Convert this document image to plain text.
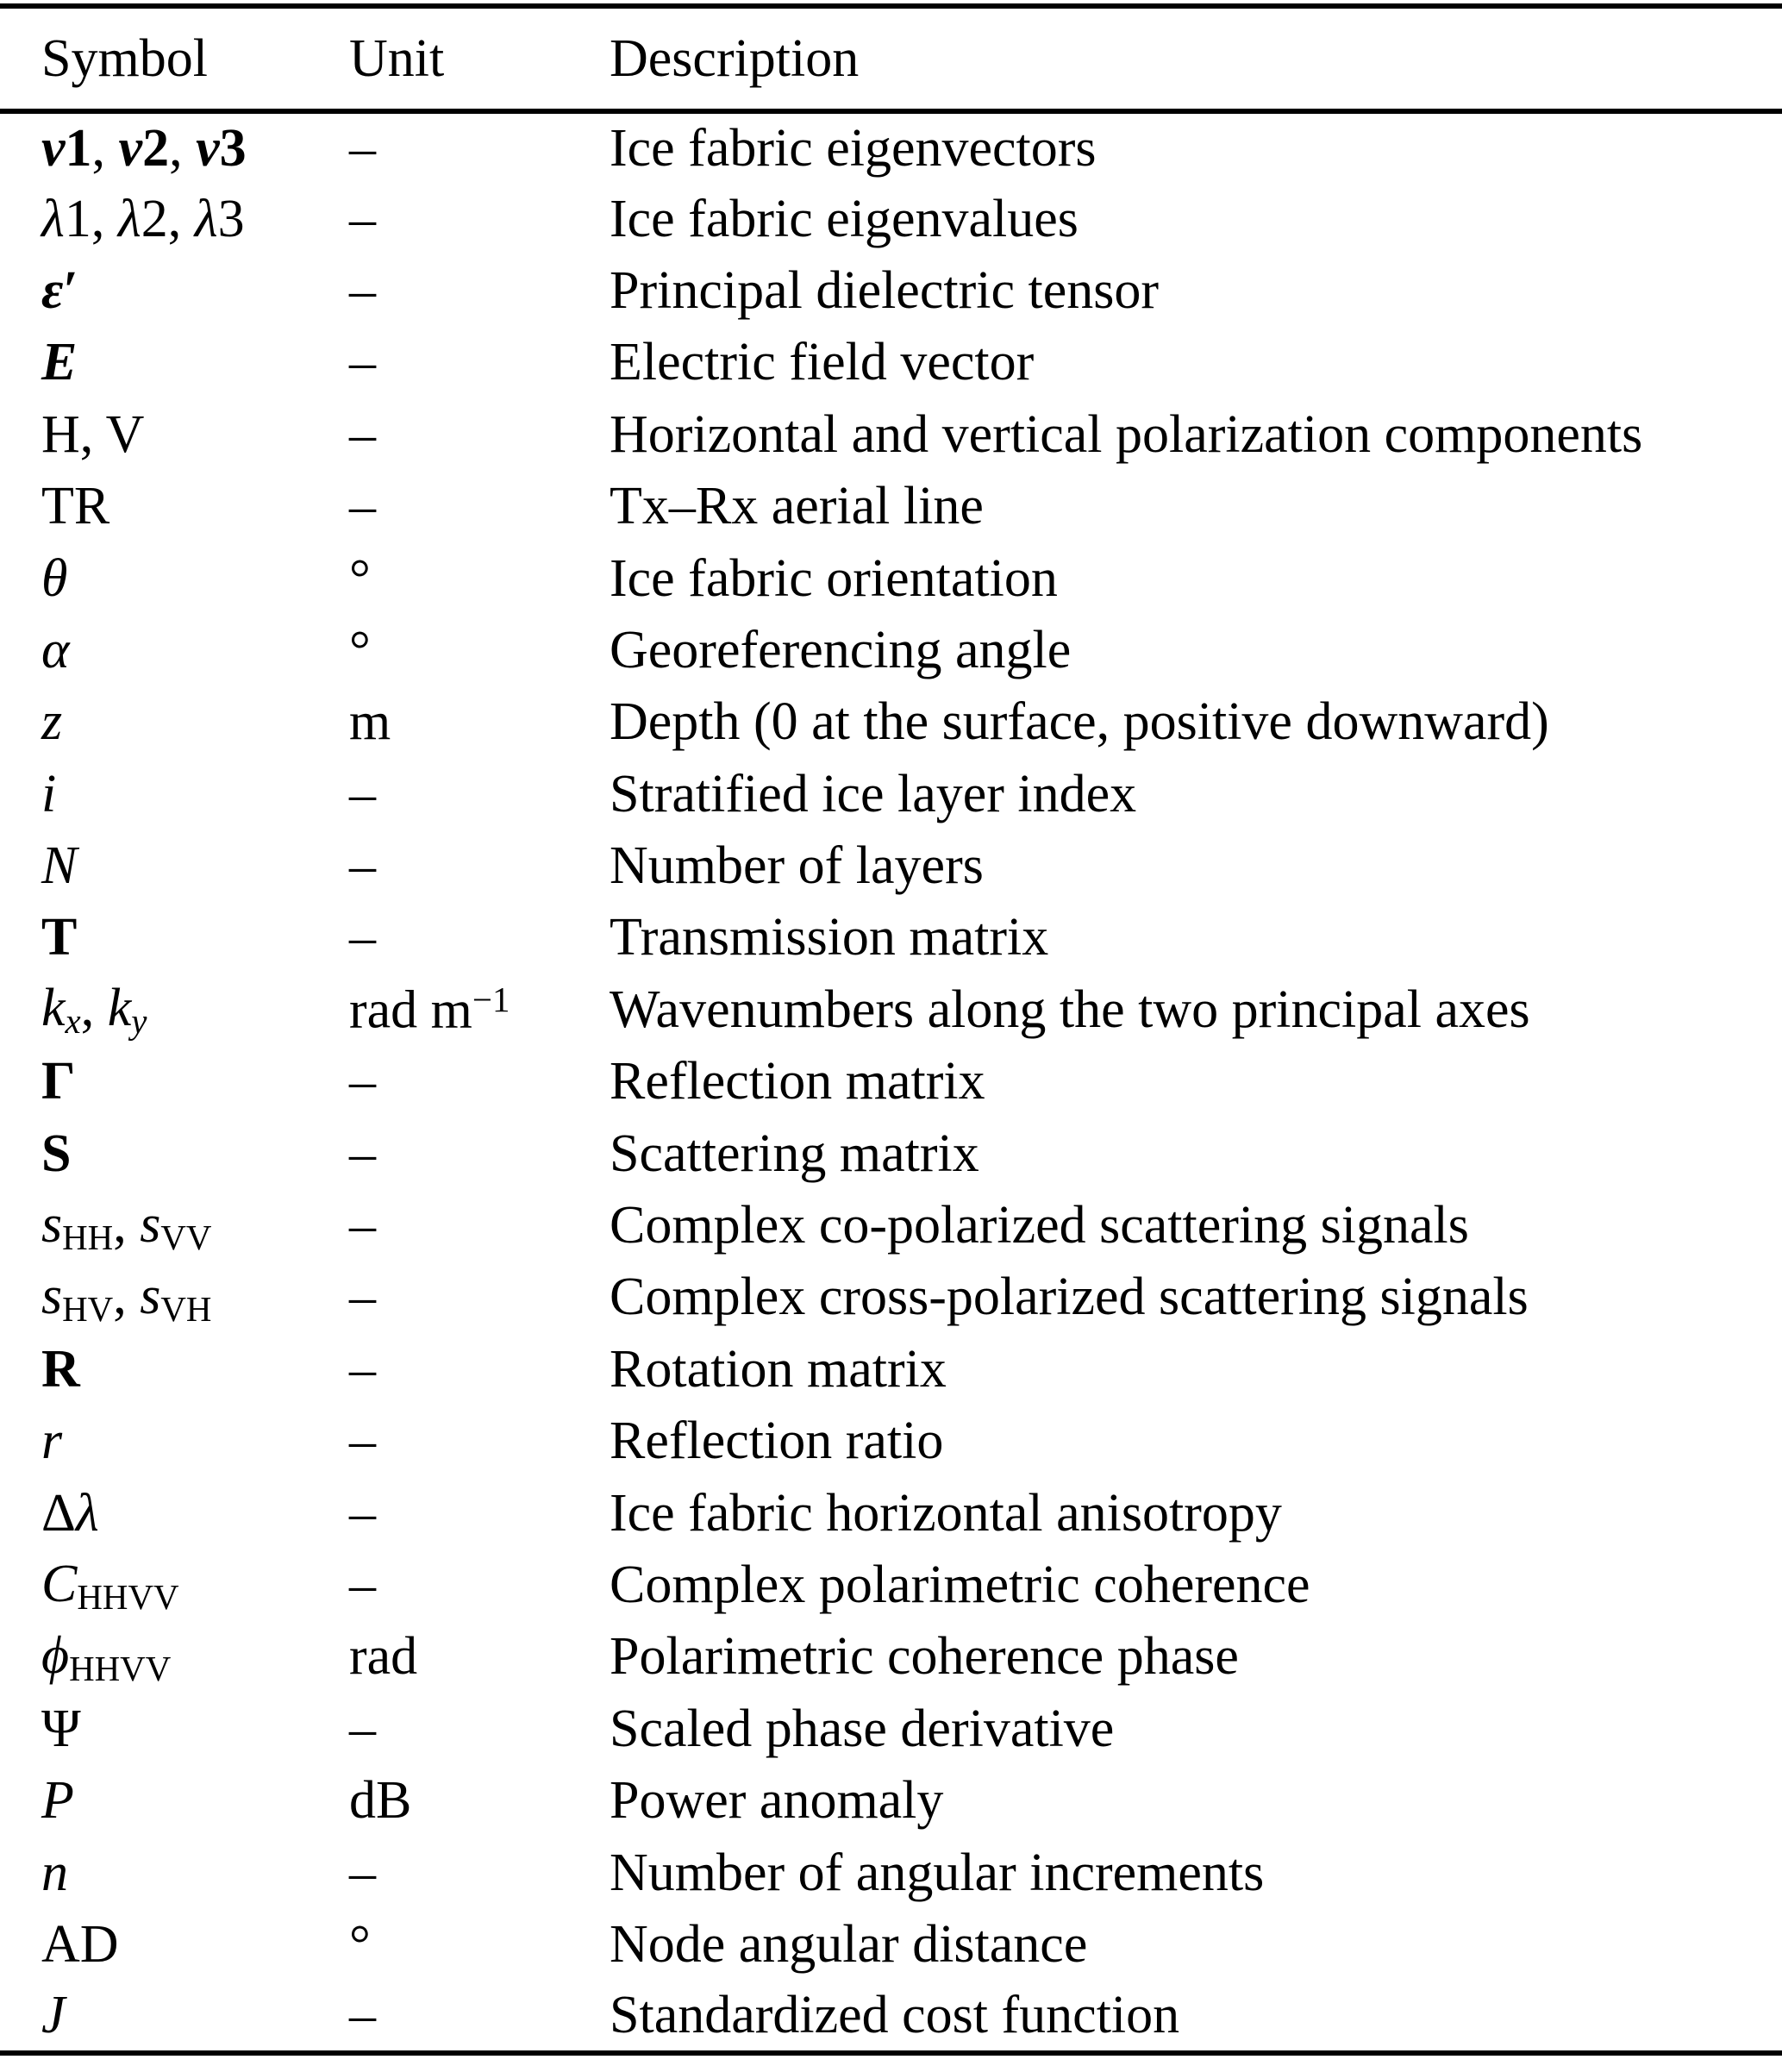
Symbol	Unit	Description
v1, v2, v3	–	Ice fabric eigenvectors
λ1, λ2, λ3	–	Ice fabric eigenvalues
ε′	–	Principal dielectric tensor
E	–	Electric field vector
H, V	–	Horizontal and vertical polarization components
TR	–	Tx–Rx aerial line
θ	°	Ice fabric orientation
α	°	Georeferencing angle
z	m	Depth (0 at the surface, positive downward)
i	–	Stratified ice layer index
N	–	Number of layers
T	–	Transmission matrix
kx, ky	rad $m^{-1}$	Wavenumbers along the two principal axes
Γ	–	Reflection matrix
S	–	Scattering matrix
sHH, sVV	–	Complex co-polarized scattering signals
sHV, sVH	–	Complex cross-polarized scattering signals
R	–	Rotation matrix
r	–	Reflection ratio
Δλ	–	Ice fabric horizontal anisotropy
CHHVV	–	Complex polarimetric coherence
ϕHHVV	rad	Polarimetric coherence phase
Ψ	–	Scaled phase derivative
P	dB	Power anomaly
n	–	Number of angular increments
AD	°	Node angular distance
J	–	Standardized cost function
